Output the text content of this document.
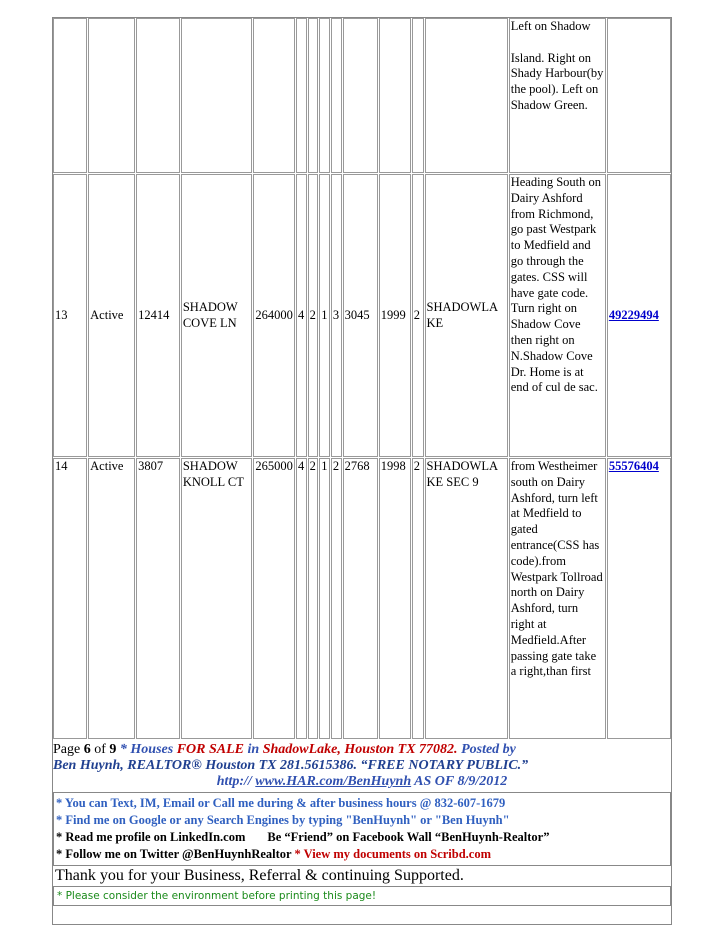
													Left on Shadow

Island. Right on Shady Harbour(by the pool). Left on Shadow Green.	
13	Active	12414	SHADOW COVE LN	264000	4	2	1	3	3045	1999	2	SHADOWLAKE	Heading South on Dairy Ashford from Richmond, go past Westpark to Medfield and go through the gates. CSS will have gate code. Turn right on Shadow Cove then right on N.Shadow Cove Dr. Home is at end of cul de sac.	49229494
14	Active	3807	SHADOW KNOLL CT	265000	4	2	1	2	2768	1998	2	SHADOWLAKE SEC 9	from Westheimer south on Dairy Ashford, turn left at Medfield to gated entrance(CSS has code).from Westpark Tollroad north on Dairy Ashford, turn right at Medfield.After passing gate take a right,than first	55576404
Page 6 of 9 * Houses FOR SALE in ShadowLake, Houston TX 77082. Posted by
Ben Huynh, REALTOR® Houston TX 281.5615386. “FREE NOTARY PUBLIC.”
http:// www.HAR.com/BenHuynh AS OF 8/9/2012
* You can Text, IM, Email or Call me during & after business hours @ 832-607-1679
* Find me on Google or any Search Engines by typing "BenHuynh" or "Ben Huynh"
* Read me profile on LinkedIn.com Be “Friend” on Facebook Wall “BenHuynh-Realtor”
* Follow me on Twitter @BenHuynhRealtor * View my documents on Scribd.com
Thank you for your Business, Referral & continuing Supported.
* Please consider the environment before printing this page!
